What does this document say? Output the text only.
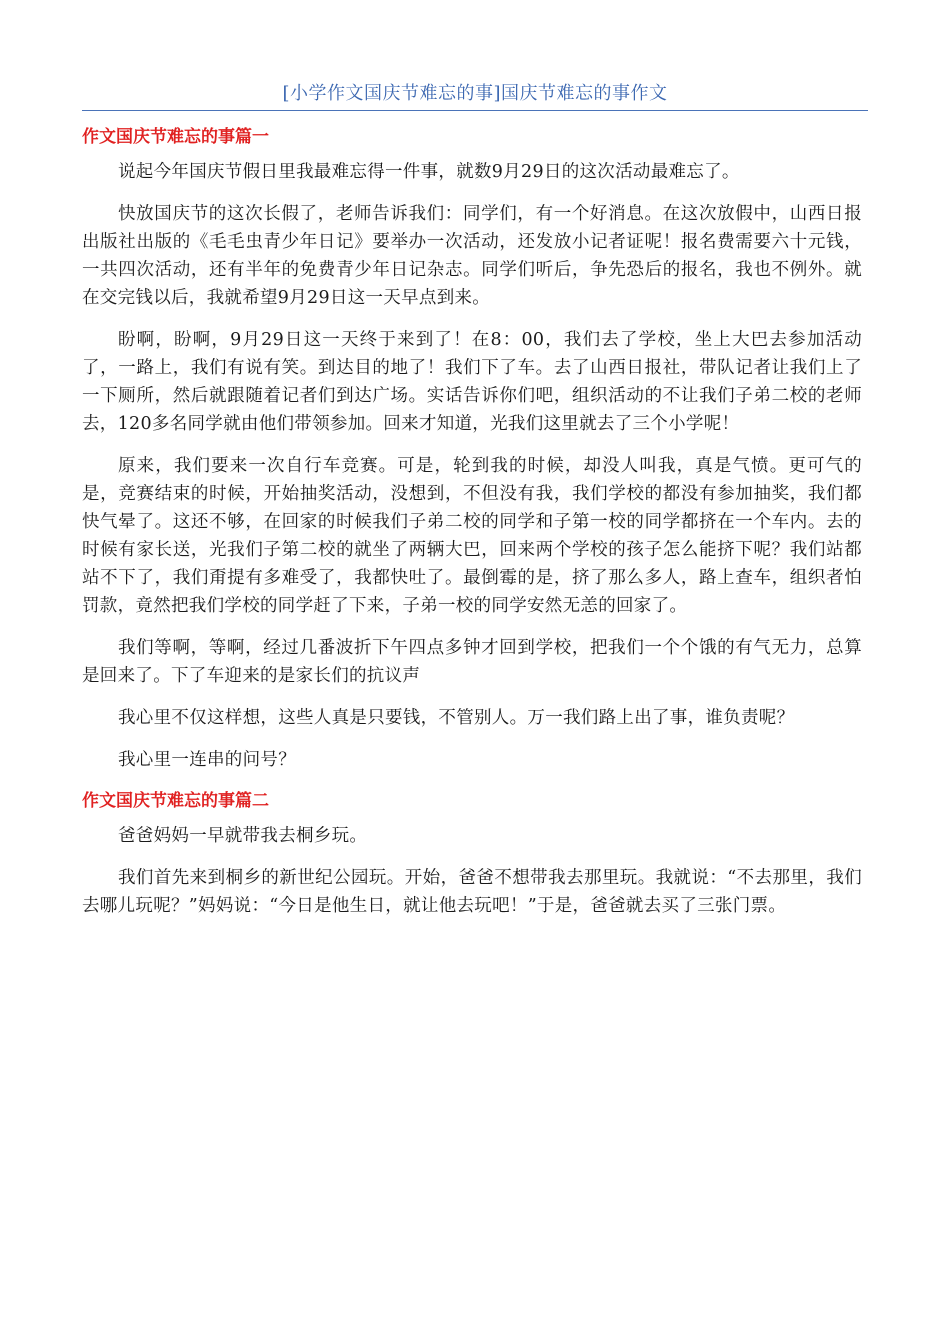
[小学作文国庆节难忘的事]国庆节难忘的事作文
作文国庆节难忘的事篇一

说起今年国庆节假日里我最难忘得一件事，就数9月29日的这次活动最难忘了。

快放国庆节的这次长假了，老师告诉我们：同学们，有一个好消息。在这次放假中，山西日报出版社出版的《毛毛虫青少年日记》要举办一次活动，还发放小记者证呢！报名费需要六十元钱，一共四次活动，还有半年的免费青少年日记杂志。同学们听后，争先恐后的报名，我也不例外。就在交完钱以后，我就希望9月29日这一天早点到来。

盼啊，盼啊，9月29日这一天终于来到了！在8：00，我们去了学校，坐上大巴去参加活动了，一路上，我们有说有笑。到达目的地了！我们下了车。去了山西日报社，带队记者让我们上了一下厕所，然后就跟随着记者们到达广场。实话告诉你们吧，组织活动的不让我们子弟二校的老师去，120多名同学就由他们带领参加。回来才知道，光我们这里就去了三个小学呢！

原来，我们要来一次自行车竞赛。可是，轮到我的时候，却没人叫我，真是气愤。更可气的是，竞赛结束的时候，开始抽奖活动，没想到，不但没有我，我们学校的都没有参加抽奖，我们都快气晕了。这还不够，在回家的时候我们子弟二校的同学和子第一校的同学都挤在一个车内。去的时候有家长送，光我们子第二校的就坐了两辆大巴，回来两个学校的孩子怎么能挤下呢？我们站都站不下了，我们甭提有多难受了，我都快吐了。最倒霉的是，挤了那么多人，路上查车，组织者怕罚款，竟然把我们学校的同学赶了下来，子弟一校的同学安然无恙的回家了。

我们等啊，等啊，经过几番波折下午四点多钟才回到学校，把我们一个个饿的有气无力，总算是回来了。下了车迎来的是家长们的抗议声

我心里不仅这样想，这些人真是只要钱，不管别人。万一我们路上出了事，谁负责呢？

我心里一连串的问号？

作文国庆节难忘的事篇二

爸爸妈妈一早就带我去桐乡玩。

我们首先来到桐乡的新世纪公园玩。开始，爸爸不想带我去那里玩。我就说：“不去那里，我们去哪儿玩呢？”妈妈说：“今日是他生日，就让他去玩吧！”于是，爸爸就去买了三张门票。
